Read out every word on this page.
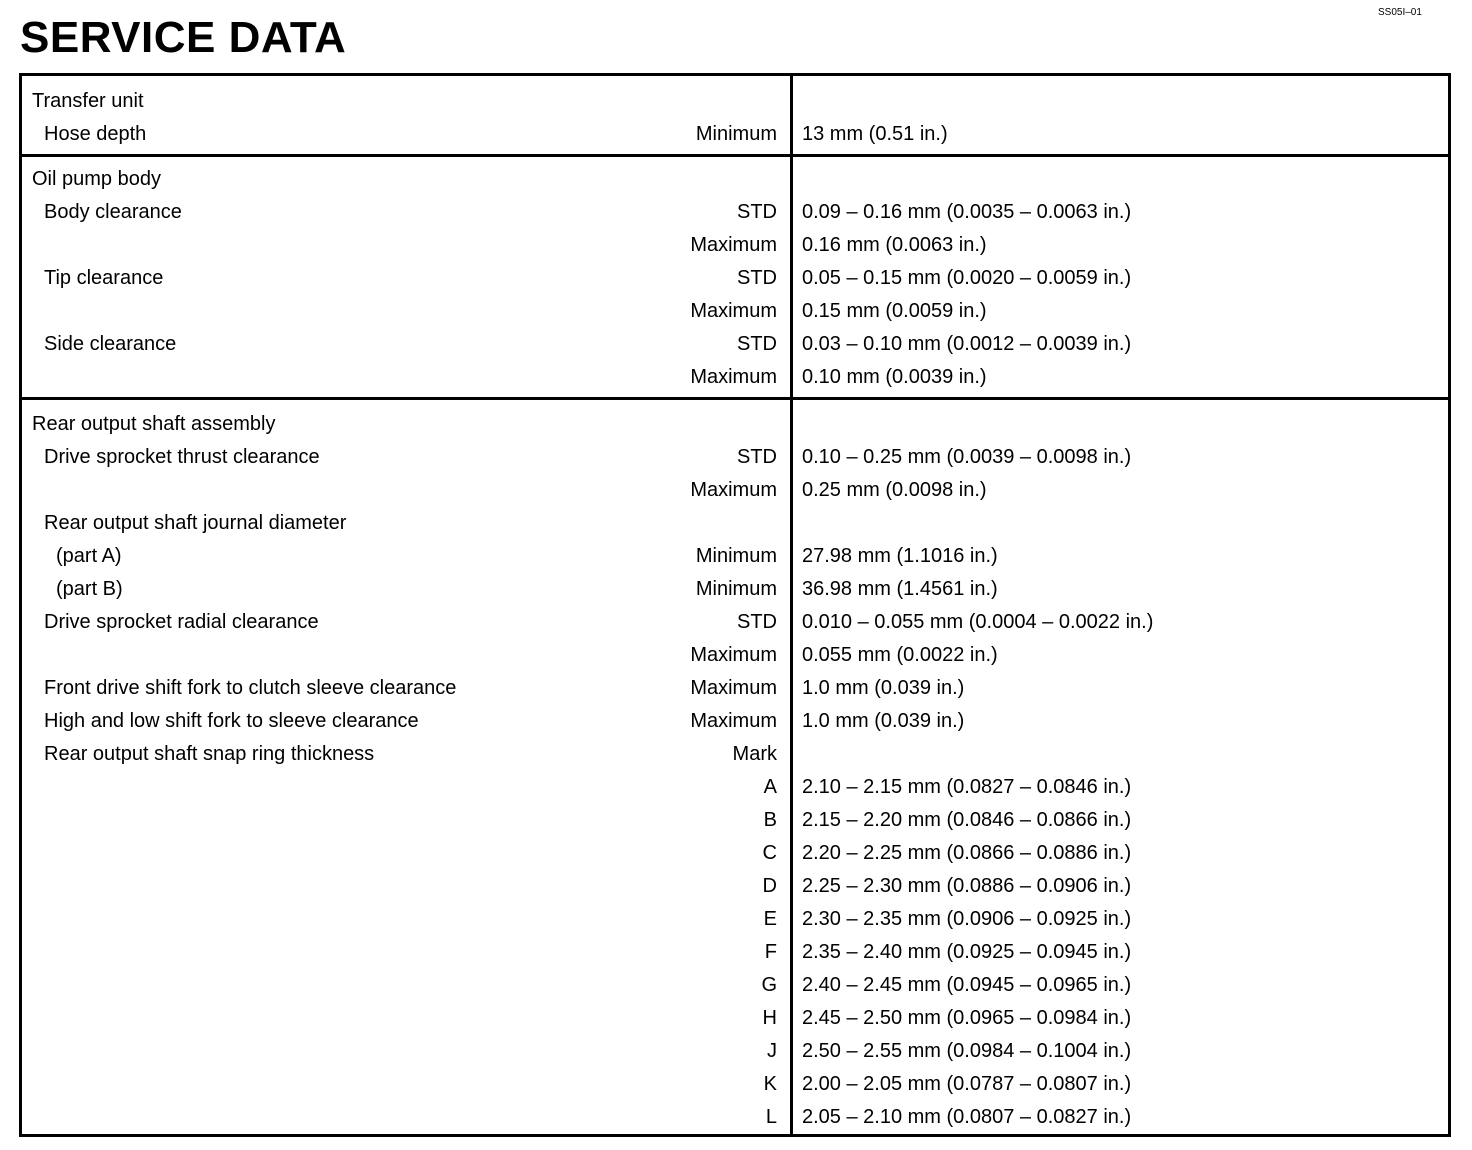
SS05I–01
SERVICE DATA
Transfer unit
Hose depth	Minimum 13 mm (0.51 in.)
Oil pump body
Body clearance	STD 0.09 – 0.16 mm (0.0035 – 0.0063 in.)
Maximum 0.16 mm (0.0063 in.)
Tip clearance	STD 0.05 – 0.15 mm (0.0020 – 0.0059 in.)
Maximum 0.15 mm (0.0059 in.)
Side clearance	STD 0.03 – 0.10 mm (0.0012 – 0.0039 in.)
Maximum 0.10 mm (0.0039 in.)
Rear output shaft assembly
Drive sprocket thrust clearance	STD 0.10 – 0.25 mm (0.0039 – 0.0098 in.)
Maximum 0.25 mm (0.0098 in.)
Rear output shaft journal diameter
(part A)	Minimum 27.98 mm (1.1016 in.)
(part B)	Minimum 36.98 mm (1.4561 in.)
Drive sprocket radial clearance	STD 0.010 – 0.055 mm (0.0004 – 0.0022 in.)
Maximum 0.055 mm (0.0022 in.)
Front drive shift fork to clutch sleeve clearance	Maximum 1.0 mm (0.039 in.)
High and low shift fork to sleeve clearance	Maximum 1.0 mm (0.039 in.)
Rear output shaft snap ring thickness	Mark
A 2.10 – 2.15 mm (0.0827 – 0.0846 in.)
B 2.15 – 2.20 mm (0.0846 – 0.0866 in.)
C 2.20 – 2.25 mm (0.0866 – 0.0886 in.)
D 2.25 – 2.30 mm (0.0886 – 0.0906 in.)
E 2.30 – 2.35 mm (0.0906 – 0.0925 in.)
F 2.35 – 2.40 mm (0.0925 – 0.0945 in.)
G 2.40 – 2.45 mm (0.0945 – 0.0965 in.)
H 2.45 – 2.50 mm (0.0965 – 0.0984 in.)
J 2.50 – 2.55 mm (0.0984 – 0.1004 in.)
K 2.00 – 2.05 mm (0.0787 – 0.0807 in.)
L 2.05 – 2.10 mm (0.0807 – 0.0827 in.)
